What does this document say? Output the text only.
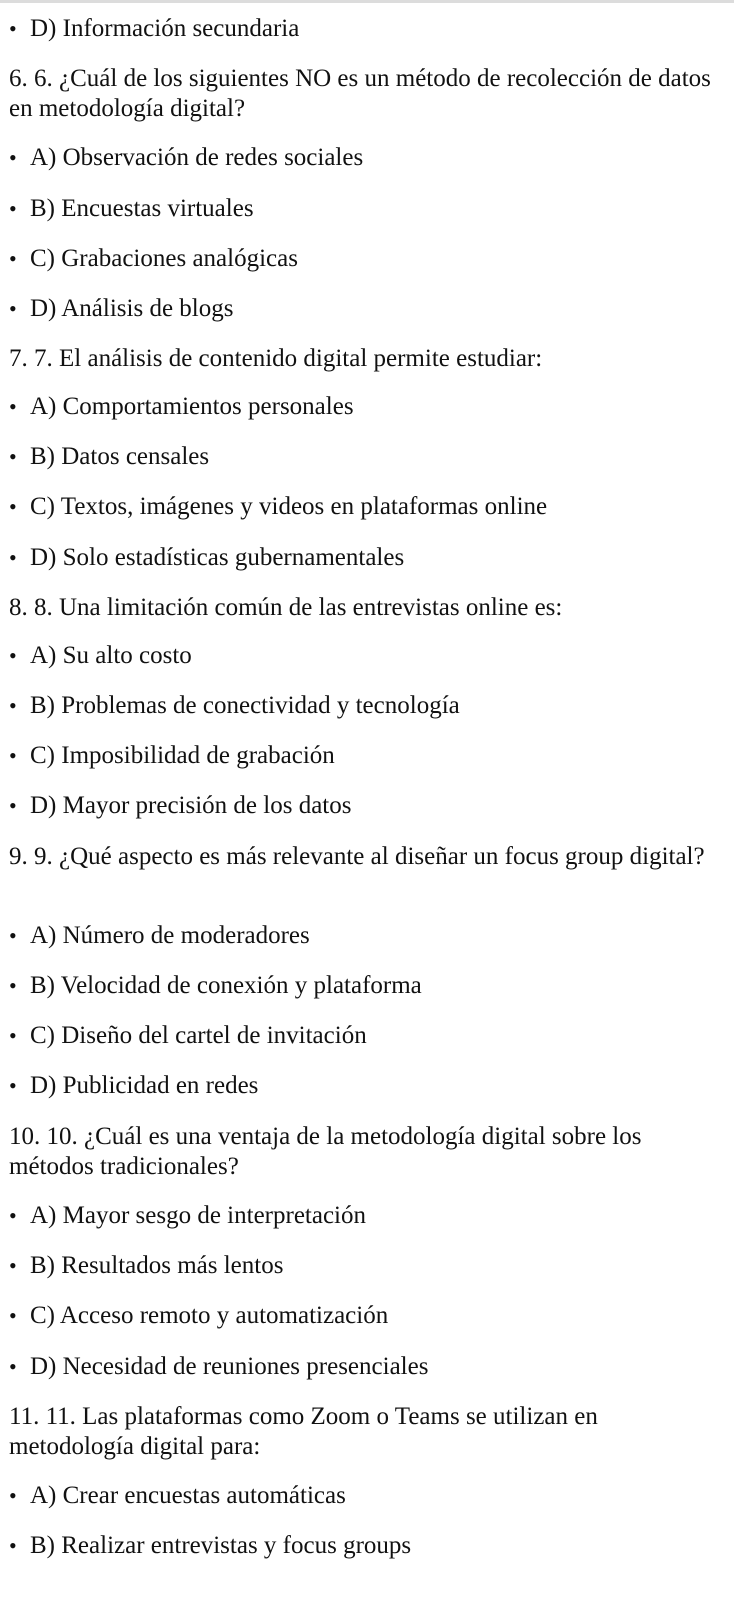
•D) Información secundaria
6. 6. ¿Cuál de los siguientes NO es un método de recolección de datos en metodología digital?
•A) Observación de redes sociales
•B) Encuestas virtuales
•C) Grabaciones analógicas
•D) Análisis de blogs
7. 7. El análisis de contenido digital permite estudiar:
•A) Comportamientos personales
•B) Datos censales
•C) Textos, imágenes y videos en plataformas online
•D) Solo estadísticas gubernamentales
8. 8. Una limitación común de las entrevistas online es:
•A) Su alto costo
•B) Problemas de conectividad y tecnología
•C) Imposibilidad de grabación
•D) Mayor precisión de los datos
9. 9. ¿Qué aspecto es más relevante al diseñar un focus group digital?
•A) Número de moderadores
•B) Velocidad de conexión y plataforma
•C) Diseño del cartel de invitación
•D) Publicidad en redes
10. 10. ¿Cuál es una ventaja de la metodología digital sobre los métodos tradicionales?
•A) Mayor sesgo de interpretación
•B) Resultados más lentos
•C) Acceso remoto y automatización
•D) Necesidad de reuniones presenciales
11. 11. Las plataformas como Zoom o Teams se utilizan en metodología digital para:
•A) Crear encuestas automáticas
•B) Realizar entrevistas y focus groups
